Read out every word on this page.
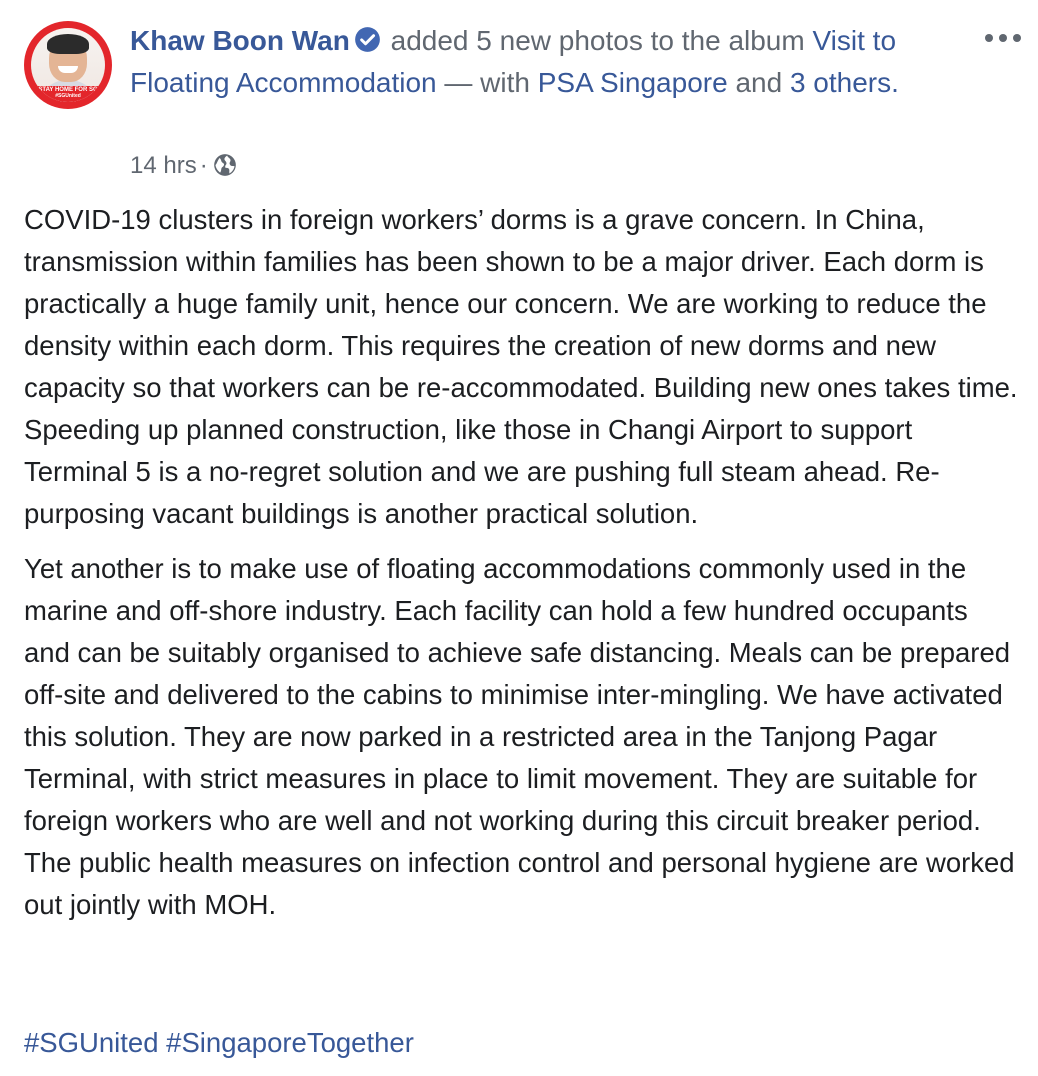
STAY HOME FOR SG
#SGUnited
Khaw Boon Wan added 5 new photos to the album Visit to Floating Accommodation — with PSA Singapore and 3 others.
14 hrs ·

COVID-19 clusters in foreign workers’ dorms is a grave concern. In China, transmission within families has been shown to be a major driver. Each dorm is practically a huge family unit, hence our concern. We are working to reduce the density within each dorm. This requires the creation of new dorms and new capacity so that workers can be re-accommodated. Building new ones takes time. Speeding up planned construction, like those in Changi Airport to support Terminal 5 is a no-regret solution and we are pushing full steam ahead. Re-purposing vacant buildings is another practical solution.

Yet another is to make use of floating accommodations commonly used in the marine and off-shore industry. Each facility can hold a few hundred occupants and can be suitably organised to achieve safe distancing. Meals can be prepared off-site and delivered to the cabins to minimise inter-mingling. We have activated this solution. They are now parked in a restricted area in the Tanjong Pagar Terminal, with strict measures in place to limit movement. They are suitable for foreign workers who are well and not working during this circuit breaker period. The public health measures on infection control and personal hygiene are worked out jointly with MOH.

#SGUnited #SingaporeTogether
